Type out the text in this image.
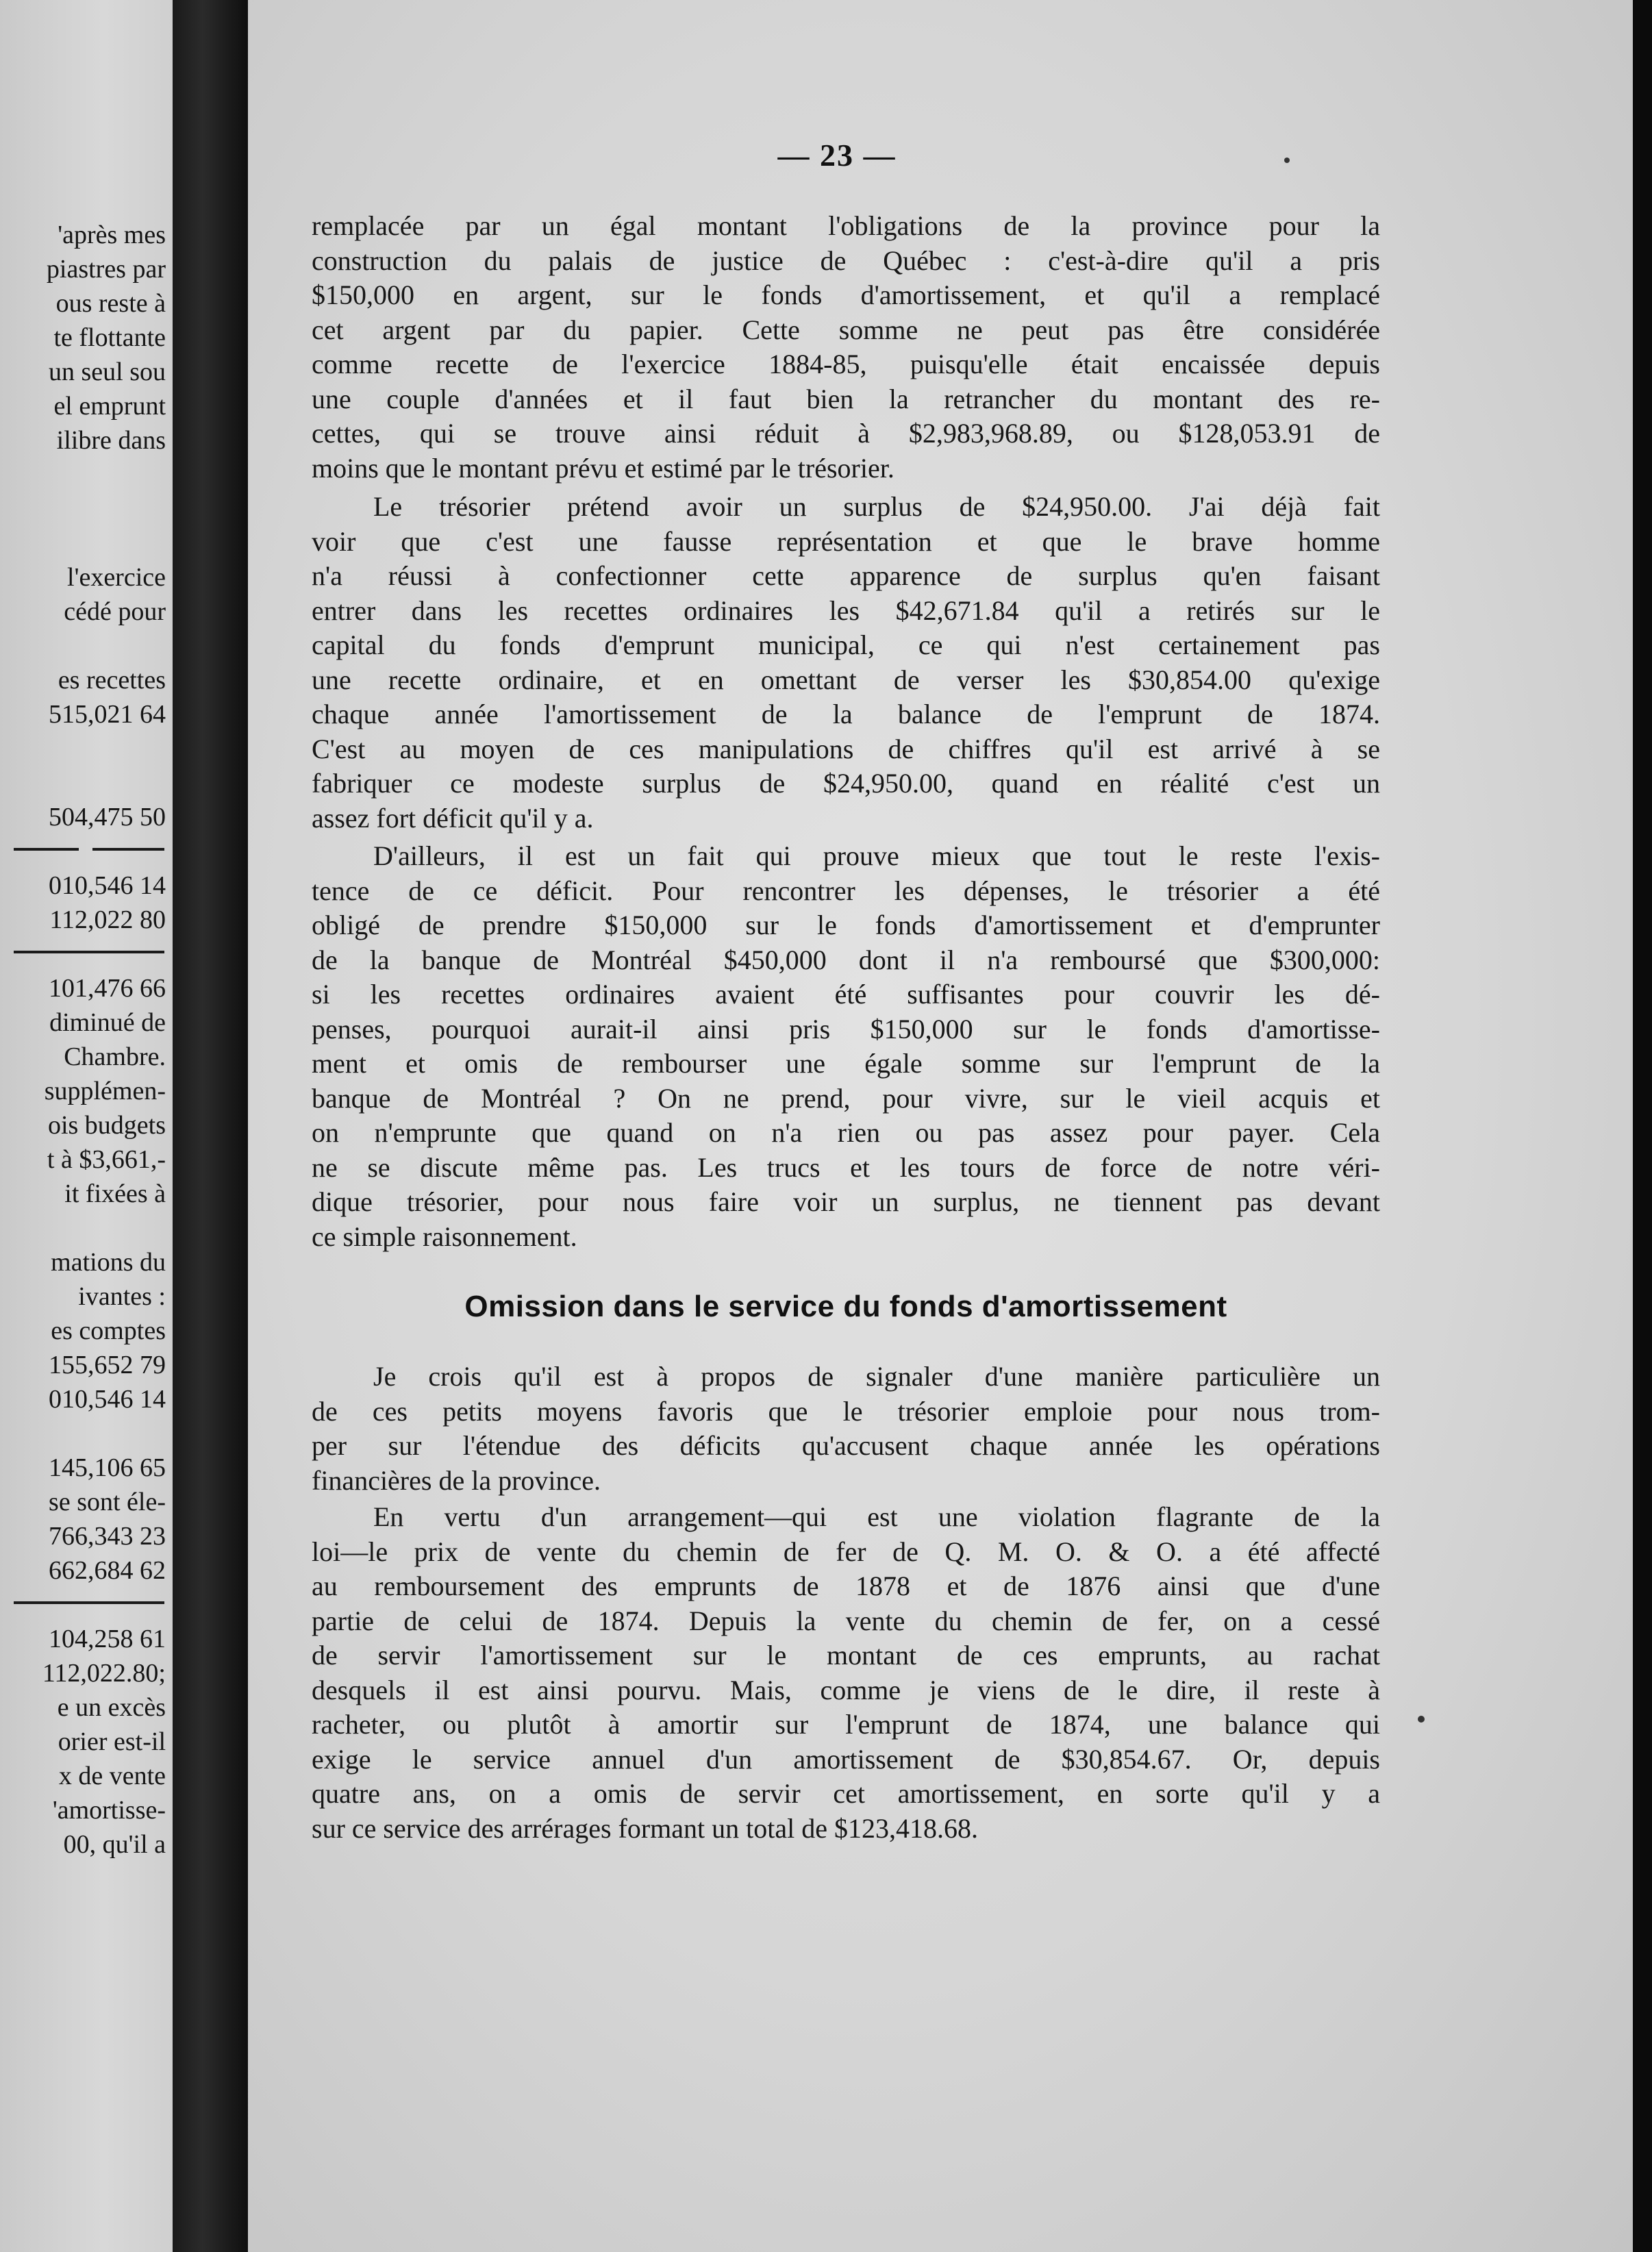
'après mes
piastres par
ous reste à
te flottante
un seul sou
el emprunt
ilibre dans
l'exercice
cédé pour
es recettes
515,021 64
504,475 50
010,546 14
112,022 80
101,476 66
diminué de
Chambre.
supplémen-
ois budgets
t à $3,661,-
it fixées à
mations du
ivantes :
es comptes
155,652 79
010,546 14
145,106 65
se sont éle-
766,343 23
662,684 62
104,258 61
112,022.80;
e un excès
orier est-il
x de vente
'amortisse-
00, qu'il a
— 23 —
remplacée par un égal montant l'obligations de la province pour la
construction du palais de justice de Québec : c'est-à-dire qu'il a pris
$150,000 en argent, sur le fonds d'amortissement, et qu'il a remplacé
cet argent par du papier. Cette somme ne peut pas être considérée
comme recette de l'exercice 1884-85, puisqu'elle était encaissée depuis
une couple d'années et il faut bien la retrancher du montant des re-
cettes, qui se trouve ainsi réduit à $2,983,968.89, ou $128,053.91 de
moins que le montant prévu et estimé par le trésorier.
Le trésorier prétend avoir un surplus de $24,950.00. J'ai déjà fait
voir que c'est une fausse représentation et que le brave homme
n'a réussi à confectionner cette apparence de surplus qu'en faisant
entrer dans les recettes ordinaires les $42,671.84 qu'il a retirés sur le
capital du fonds d'emprunt municipal, ce qui n'est certainement pas
une recette ordinaire, et en omettant de verser les $30,854.00 qu'exige
chaque année l'amortissement de la balance de l'emprunt de 1874.
C'est au moyen de ces manipulations de chiffres qu'il est arrivé à se
fabriquer ce modeste surplus de $24,950.00, quand en réalité c'est un
assez fort déficit qu'il y a.
D'ailleurs, il est un fait qui prouve mieux que tout le reste l'exis-
tence de ce déficit. Pour rencontrer les dépenses, le trésorier a été
obligé de prendre $150,000 sur le fonds d'amortissement et d'emprunter
de la banque de Montréal $450,000 dont il n'a remboursé que $300,000:
si les recettes ordinaires avaient été suffisantes pour couvrir les dé-
penses, pourquoi aurait-il ainsi pris $150,000 sur le fonds d'amortisse-
ment et omis de rembourser une égale somme sur l'emprunt de la
banque de Montréal ? On ne prend, pour vivre, sur le vieil acquis et
on n'emprunte que quand on n'a rien ou pas assez pour payer. Cela
ne se discute même pas. Les trucs et les tours de force de notre véri-
dique trésorier, pour nous faire voir un surplus, ne tiennent pas devant
ce simple raisonnement.
Je crois qu'il est à propos de signaler d'une manière particulière un
de ces petits moyens favoris que le trésorier emploie pour nous trom-
per sur l'étendue des déficits qu'accusent chaque année les opérations
financières de la province.
En vertu d'un arrangement—qui est une violation flagrante de la
loi—le prix de vente du chemin de fer de Q. M. O. & O. a été affecté
au remboursement des emprunts de 1878 et de 1876 ainsi que d'une
partie de celui de 1874. Depuis la vente du chemin de fer, on a cessé
de servir l'amortissement sur le montant de ces emprunts, au rachat
desquels il est ainsi pourvu. Mais, comme je viens de le dire, il reste à
racheter, ou plutôt à amortir sur l'emprunt de 1874, une balance qui
exige le service annuel d'un amortissement de $30,854.67. Or, depuis
quatre ans, on a omis de servir cet amortissement, en sorte qu'il y a
sur ce service des arrérages formant un total de $123,418.68.
Omission dans le service du fonds d'amortissement
